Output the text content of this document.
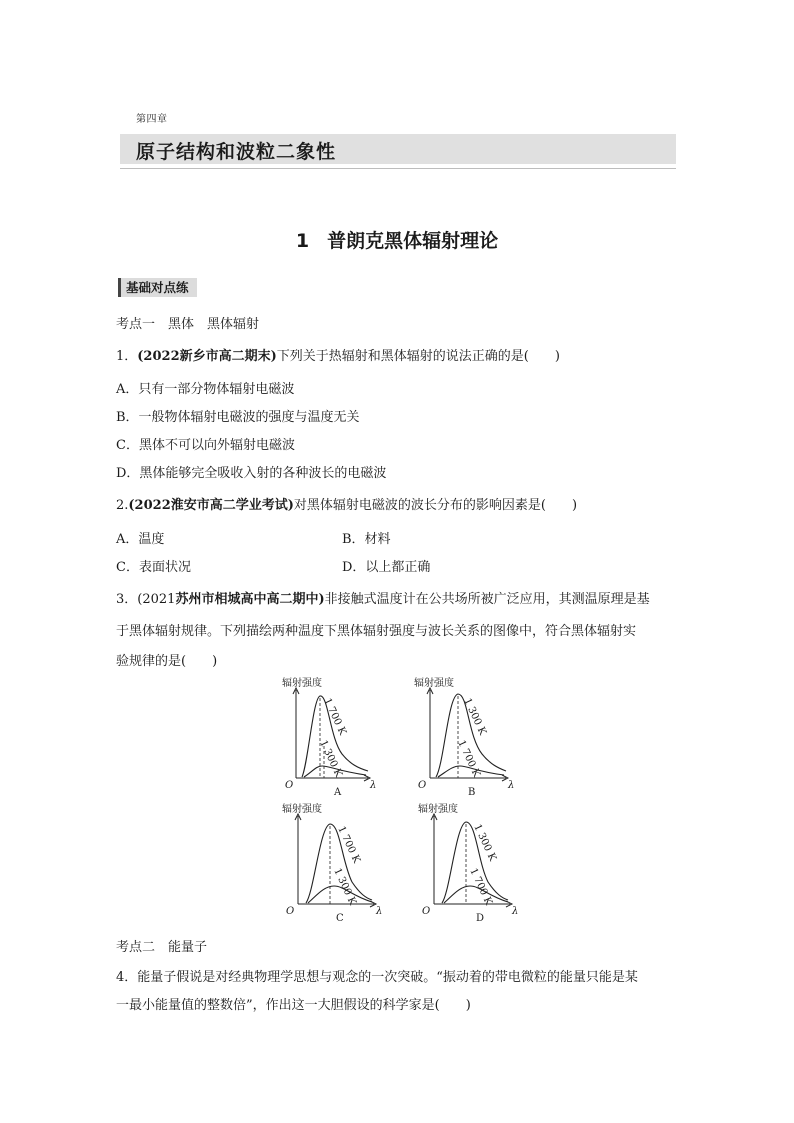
第四章
原子结构和波粒二象性
1 普朗克黑体辐射理论
基础对点练
考点一　黑体　黑体辐射
1．(2022新乡市高二期末)下列关于热辐射和黑体辐射的说法正确的是(　　)
A．只有一部分物体辐射电磁波
B．一般物体辐射电磁波的强度与温度无关
C．黑体不可以向外辐射电磁波
D．黑体能够完全吸收入射的各种波长的电磁波
2.(2022淮安市高二学业考试)对黑体辐射电磁波的波长分布的影响因素是(　　)
A．温度	B．材料
C．表面状况	D．以上都正确
3．(2021苏州市相城高中高二期中)非接触式温度计在公共场所被广泛应用，其测温原理是基
于黑体辐射规律。下列描绘两种温度下黑体辐射强度与波长关系的图像中，符合黑体辐射实
验规律的是(　　)
辐射强度
O	λ
1 700 K
1 300 K
A
辐射强度
O	λ
1 300 K
1 700 K
B
辐射强度
O	λ
1 700 K
1 300 K
C
辐射强度
O	λ
1 300 K
1 700 K
D
考点二　能量子
4．能量子假说是对经典物理学思想与观念的一次突破。“振动着的带电微粒的能量只能是某
一最小能量值的整数倍”，作出这一大胆假设的科学家是(　　)
